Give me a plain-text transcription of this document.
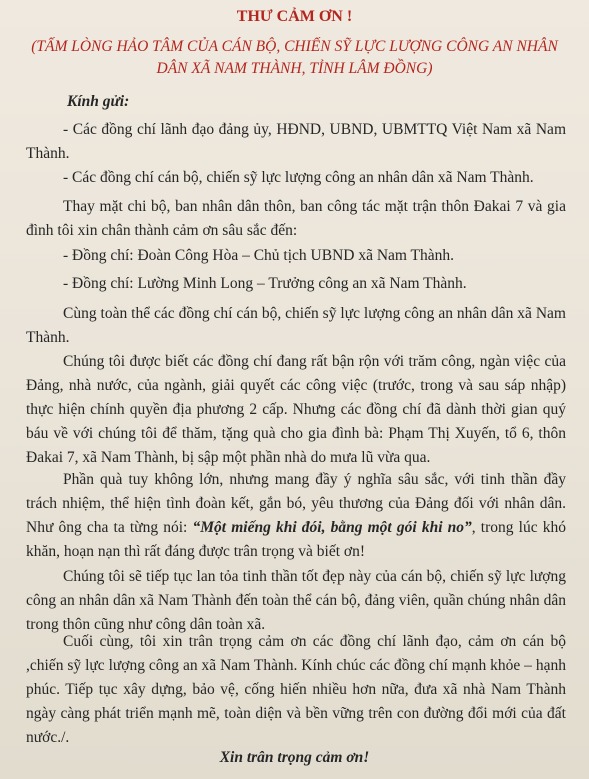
THƯ CẢM ƠN !
(TẤM LÒNG HẢO TÂM CỦA CÁN BỘ, CHIẾN SỸ LỰC LƯỢNG CÔNG AN NHÂN
DÂN XÃ NAM THÀNH, TỈNH LÂM ĐỒNG)
Kính gửi:

- Các đồng chí lãnh đạo đảng ủy, HĐND, UBND, UBMTTQ Việt Nam xã Nam Thành.

- Các đồng chí cán bộ, chiến sỹ lực lượng công an nhân dân xã Nam Thành.

Thay mặt chi bộ, ban nhân dân thôn, ban công tác mặt trận thôn Đakai 7 và gia đình tôi xin chân thành cảm ơn sâu sắc đến:

- Đồng chí: Đoàn Công Hòa – Chủ tịch UBND xã Nam Thành.

- Đồng chí: Lường Minh Long – Trưởng công an xã Nam Thành.

Cùng toàn thể các đồng chí cán bộ, chiến sỹ lực lượng công an nhân dân xã Nam Thành.

Chúng tôi được biết các đồng chí đang rất bận rộn với trăm công, ngàn việc của Đảng, nhà nước, của ngành, giải quyết các công việc (trước, trong và sau sáp nhập) thực hiện chính quyền địa phương 2 cấp. Nhưng các đồng chí đã dành thời gian quý báu về với chúng tôi để thăm, tặng quà cho gia đình bà: Phạm Thị Xuyến, tổ 6, thôn Đakai 7, xã Nam Thành, bị sập một phần nhà do mưa lũ vừa qua.

Phần quà tuy không lớn, nhưng mang đầy ý nghĩa sâu sắc, với tinh thần đầy trách nhiệm, thể hiện tình đoàn kết, gắn bó, yêu thương của Đảng đối với nhân dân. Như ông cha ta từng nói: “Một miếng khi đói, bằng một gói khi no”, trong lúc khó khăn, hoạn nạn thì rất đáng được trân trọng và biết ơn!

Chúng tôi sẽ tiếp tục lan tỏa tinh thần tốt đẹp này của cán bộ, chiến sỹ lực lượng công an nhân dân xã Nam Thành đến toàn thể cán bộ, đảng viên, quần chúng nhân dân trong thôn cũng như công dân toàn xã.

Cuối cùng, tôi xin trân trọng cảm ơn các đồng chí lãnh đạo, cảm ơn cán bộ ,chiến sỹ lực lượng công an xã Nam Thành. Kính chúc các đồng chí mạnh khỏe – hạnh phúc. Tiếp tục xây dựng, bảo vệ, cống hiến nhiều hơn nữa, đưa xã nhà Nam Thành ngày càng phát triển mạnh mẽ, toàn diện và bền vững trên con đường đổi mới của đất nước./.

Xin trân trọng cảm ơn!
